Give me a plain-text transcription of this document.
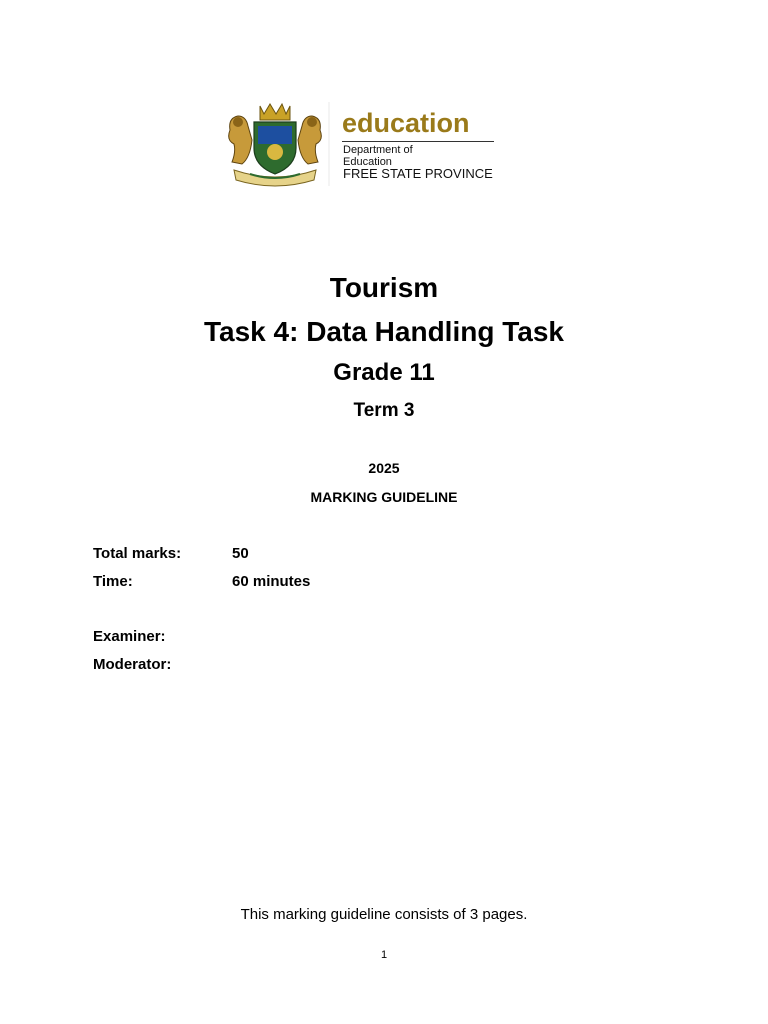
education
Department of
Education
FREE STATE PROVINCE
Tourism
Task 4: Data Handling Task
Grade 11
Term 3
2025
MARKING GUIDELINE
Total marks:	50
Time:	60 minutes
Examiner:
Moderator:
This marking guideline consists of 3 pages.
1
